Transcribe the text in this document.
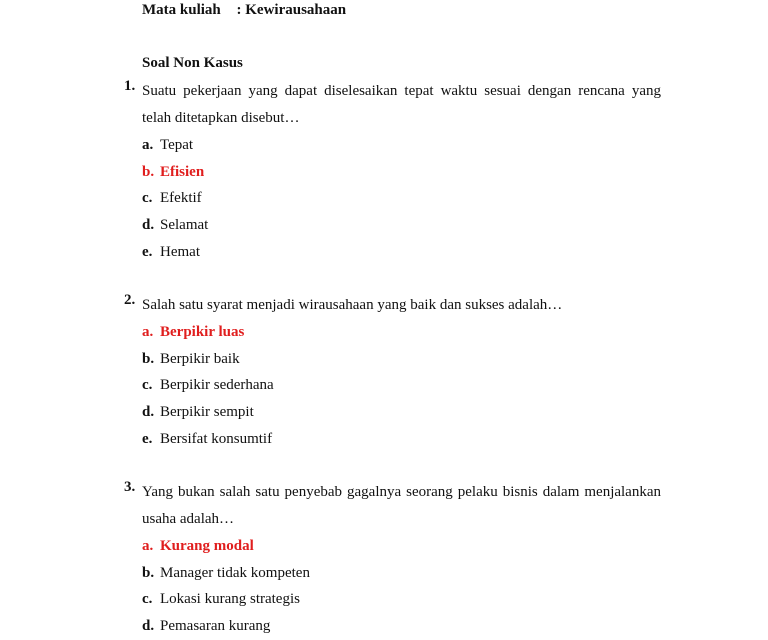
Mata kuliah : Kewirausahaan
Soal Non Kasus
1. Suatu pekerjaan yang dapat diselesaikan tepat waktu sesuai dengan rencana yang
telah ditetapkan disebut…
a. Tepat
b. Efisien
c. Efektif
d. Selamat
e. Hemat
2. Salah satu syarat menjadi wirausahaan yang baik dan sukses adalah…
a. Berpikir luas
b. Berpikir baik
c. Berpikir sederhana
d. Berpikir sempit
e. Bersifat konsumtif
3. Yang bukan salah satu penyebab gagalnya seorang pelaku bisnis dalam menjalankan
usaha adalah…
a. Kurang modal
b. Manager tidak kompeten
c. Lokasi kurang strategis
d. Pemasaran kurang
